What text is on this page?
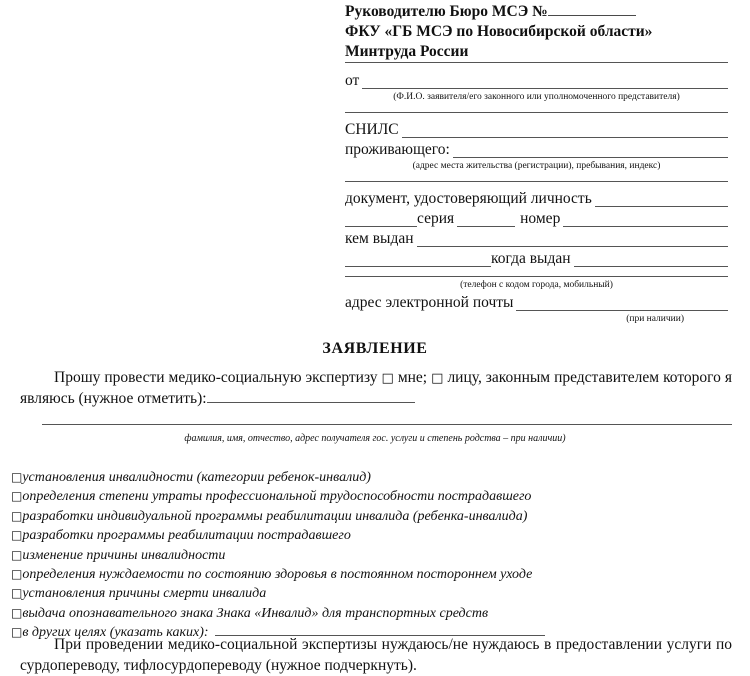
Руководителю Бюро МСЭ №
ФКУ «ГБ МСЭ по Новосибирской области»
Минтруда России
от
(Ф.И.О. заявителя/его законного или уполномоченного представителя)
СНИЛС
проживающего:
(адрес места жительства (регистрации), пребывания, индекс)
документ, удостоверяющий личность
серия	номер
кем выдан
когда выдан
(телефон с кодом города, мобильный)
адрес электронной почты
(при наличии)
ЗАЯВЛЕНИЕ
Прошу провести медико-социальную экспертизу □ мне; □ лицу, законным представителем которого я являюсь (нужное отметить):
фамилия, имя, отчество, адрес получателя гос. услуги и степень родства – при наличии)
□установления инвалидности (категории ребенок-инвалид)
□определения степени утраты профессиональной трудоспособности пострадавшего
□разработки индивидуальной программы реабилитации инвалида (ребенка-инвалида)
□разработки программы реабилитации пострадавшего
□изменение причины инвалидности
□определения нуждаемости по состоянию здоровья в постоянном постороннем уходе
□установления причины смерти инвалида
□выдача опознавательного знака Знака «Инвалид» для транспортных средств
□в других целях (указать каких):
При проведении медико-социальной экспертизы нуждаюсь/не нуждаюсь в предоставлении услуги по сурдопереводу, тифлосурдопереводу (нужное подчеркнуть).
